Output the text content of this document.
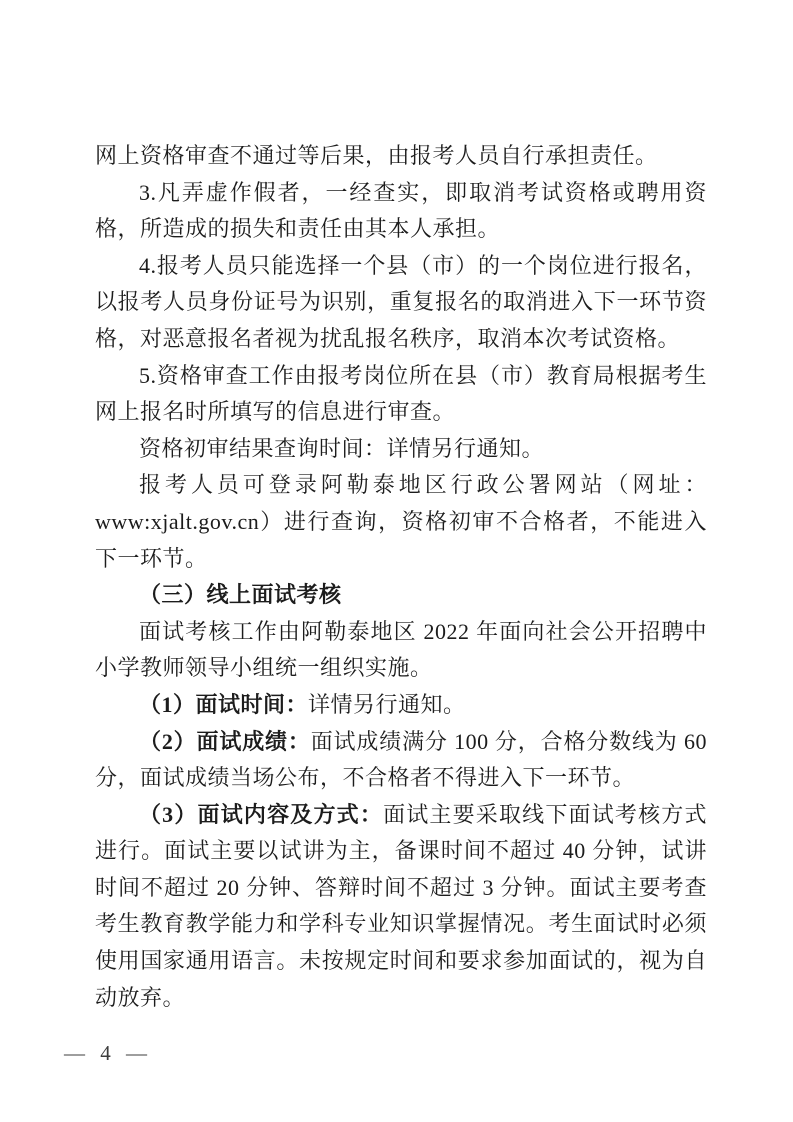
网上资格审查不通过等后果，由报考人员自行承担责任。

3.凡弄虚作假者，一经查实，即取消考试资格或聘用资格，所造成的损失和责任由其本人承担。

4.报考人员只能选择一个县（市）的一个岗位进行报名，以报考人员身份证号为识别，重复报名的取消进入下一环节资格，对恶意报名者视为扰乱报名秩序，取消本次考试资格。

5.资格审查工作由报考岗位所在县（市）教育局根据考生网上报名时所填写的信息进行审查。

资格初审结果查询时间：详情另行通知。

报考人员可登录阿勒泰地区行政公署网站（网址：www:xjalt.gov.cn）进行查询，资格初审不合格者，不能进入下一环节。

（三）线上面试考核

面试考核工作由阿勒泰地区 2022 年面向社会公开招聘中小学教师领导小组统一组织实施。

（1）面试时间：详情另行通知。

（2）面试成绩：面试成绩满分 100 分，合格分数线为 60 分，面试成绩当场公布，不合格者不得进入下一环节。

（3）面试内容及方式：面试主要采取线下面试考核方式进行。面试主要以试讲为主，备课时间不超过 40 分钟，试讲时间不超过 20 分钟、答辩时间不超过 3 分钟。面试主要考查考生教育教学能力和学科专业知识掌握情况。考生面试时必须使用国家通用语言。未按规定时间和要求参加面试的，视为自动放弃。

— 4 —
